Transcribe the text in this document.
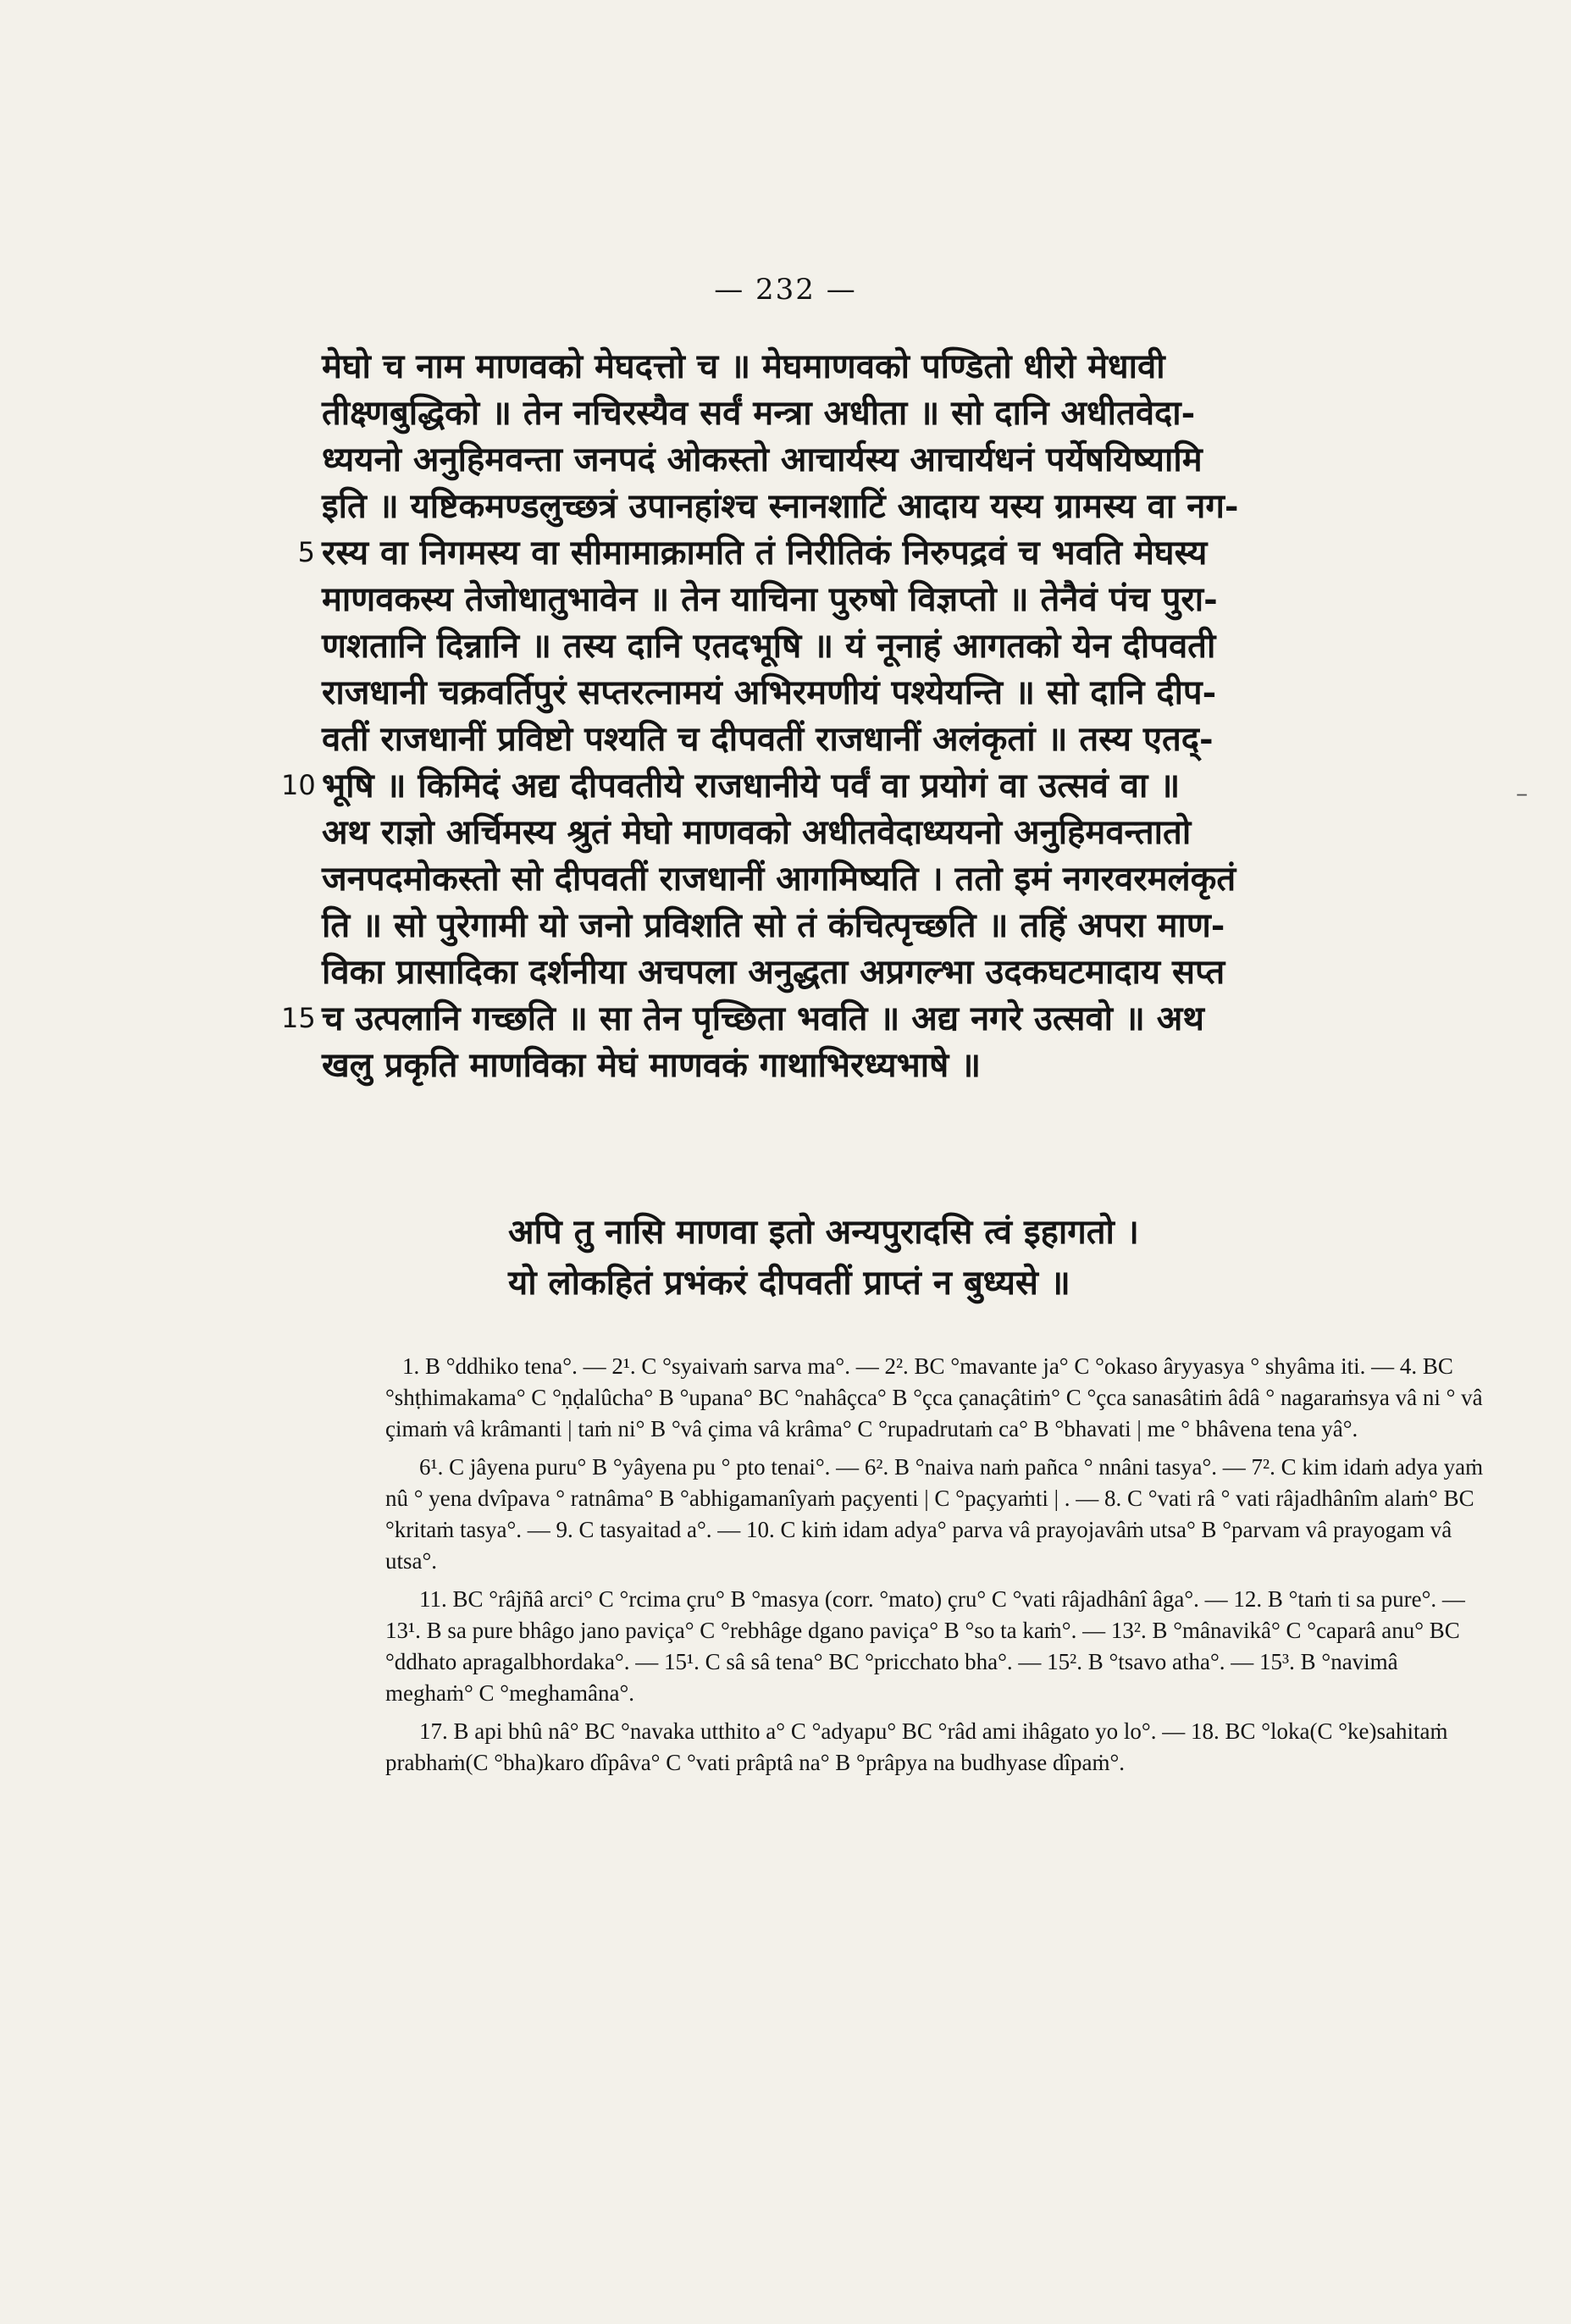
— 232 —
मेघो च नाम माणवको मेघदत्तो च ॥ मेघमाणवको पण्डितो धीरो मेधावी
तीक्ष्णबुद्धिको ॥ तेन नचिरस्यैव सर्वं मन्त्रा अधीता ॥ सो दानि अधीतवेदा-
ध्ययनो अनुहिमवन्ता जनपदं ओकस्तो आचार्यस्य आचार्यधनं पर्येषयिष्यामि
इति ॥ यष्टिकमण्डलुच्छत्रं उपानहांश्च स्नानशाटिं आदाय यस्य ग्रामस्य वा नग-
5 रस्य वा निगमस्य वा सीमामाक्रामति तं निरीतिकं निरुपद्रवं च भवति मेघस्य
माणवकस्य तेजोधातुभावेन ॥ तेन याचिना पुरुषो विज्ञप्तो ॥ तेनैवं पंच पुरा-
णशतानि दिन्नानि ॥ तस्य दानि एतदभूषि ॥ यं नूनाहं आगतको येन दीपवती
राजधानी चक्रवर्तिपुरं सप्तरत्नामयं अभिरमणीयं पश्येयन्ति ॥ सो दानि दीप-
वतीं राजधानीं प्रविष्टो पश्यति च दीपवतीं राजधानीं अलंकृतां ॥ तस्य एतद्-
10 भूषि ॥ किमिदं अद्य दीपवतीये राजधानीये पर्वं वा प्रयोगं वा उत्सवं वा ॥
अथ राज्ञो अर्चिमस्य श्रुतं मेघो माणवको अधीतवेदाध्ययनो अनुहिमवन्तातो
जनपदमोकस्तो सो दीपवतीं राजधानीं आगमिष्यति । ततो इमं नगरवरमलंकृतं
ति ॥ सो पुरेगामी यो जनो प्रविशति सो तं कंचित्पृच्छति ॥ तहिं अपरा माण-
विका प्रासादिका दर्शनीया अचपला अनुद्धता अप्रगल्भा उदकघटमादाय सप्त
15 च उत्पलानि गच्छति ॥ सा तेन पृच्छिता भवति ॥ अद्य नगरे उत्सवो ॥ अथ
खलु प्रकृति माणविका मेघं माणवकं गाथाभिरध्यभाषे ॥
अपि तु नासि माणवा इतो अन्यपुरादसि त्वं इहागतो ।
यो लोकहितं प्रभंकरं दीपवतीं प्राप्तं न बुध्यसे ॥

1. B °ddhiko tena°. — 2¹. C °syaivaṁ sarva ma°. — 2². BC °mavante ja° C °okaso âryyasya ° shyâma iti. — 4. BC °shṭhimakama° C °ṇḍalûcha° B °upana° BC °nahâçca° B °çca çanaçâtiṁ° C °çca sanasâtiṁ âdâ ° nagaraṁsya vâ ni ° vâ çimaṁ vâ krâmanti | taṁ ni° B °vâ çima vâ krâma° C °rupadrutaṁ ca° B °bhavati | me ° bhâvena tena yâ°.

6¹. C jâyena puru° B °yâyena pu ° pto tenai°. — 6². B °naiva naṁ pañca ° nnâni tasya°. — 7². C kim idaṁ adya yaṁ nû ° yena dvîpava ° ratnâma° B °abhigamanîyaṁ paçyenti | C °paçyaṁti | . — 8. C °vati râ ° vati râjadhânîm alaṁ° BC °kritaṁ tasya°. — 9. C tasyaitad a°. — 10. C kiṁ idam adya° parva vâ prayojavâṁ utsa° B °parvam vâ prayogam vâ utsa°.

11. BC °râjñâ arci° C °rcima çru° B °masya (corr. °mato) çru° C °vati râjadhânî âga°. — 12. B °taṁ ti sa pure°. — 13¹. B sa pure bhâgo jano paviça° C °rebhâge dgano paviça° B °so ta kaṁ°. — 13². B °mânavikâ° C °caparâ anu° BC °ddhato apragalbhordaka°. — 15¹. C sâ sâ tena° BC °pricchato bha°. — 15². B °tsavo atha°. — 15³. B °navimâ meghaṁ° C °meghamâna°.

17. B api bhû nâ° BC °navaka utthito a° C °adyapu° BC °râd ami ihâgato yo lo°. — 18. BC °loka(C °ke)sahitaṁ prabhaṁ(C °bha)karo dîpâva° C °vati prâptâ na° B °prâpya na budhyase dîpaṁ°.

–
